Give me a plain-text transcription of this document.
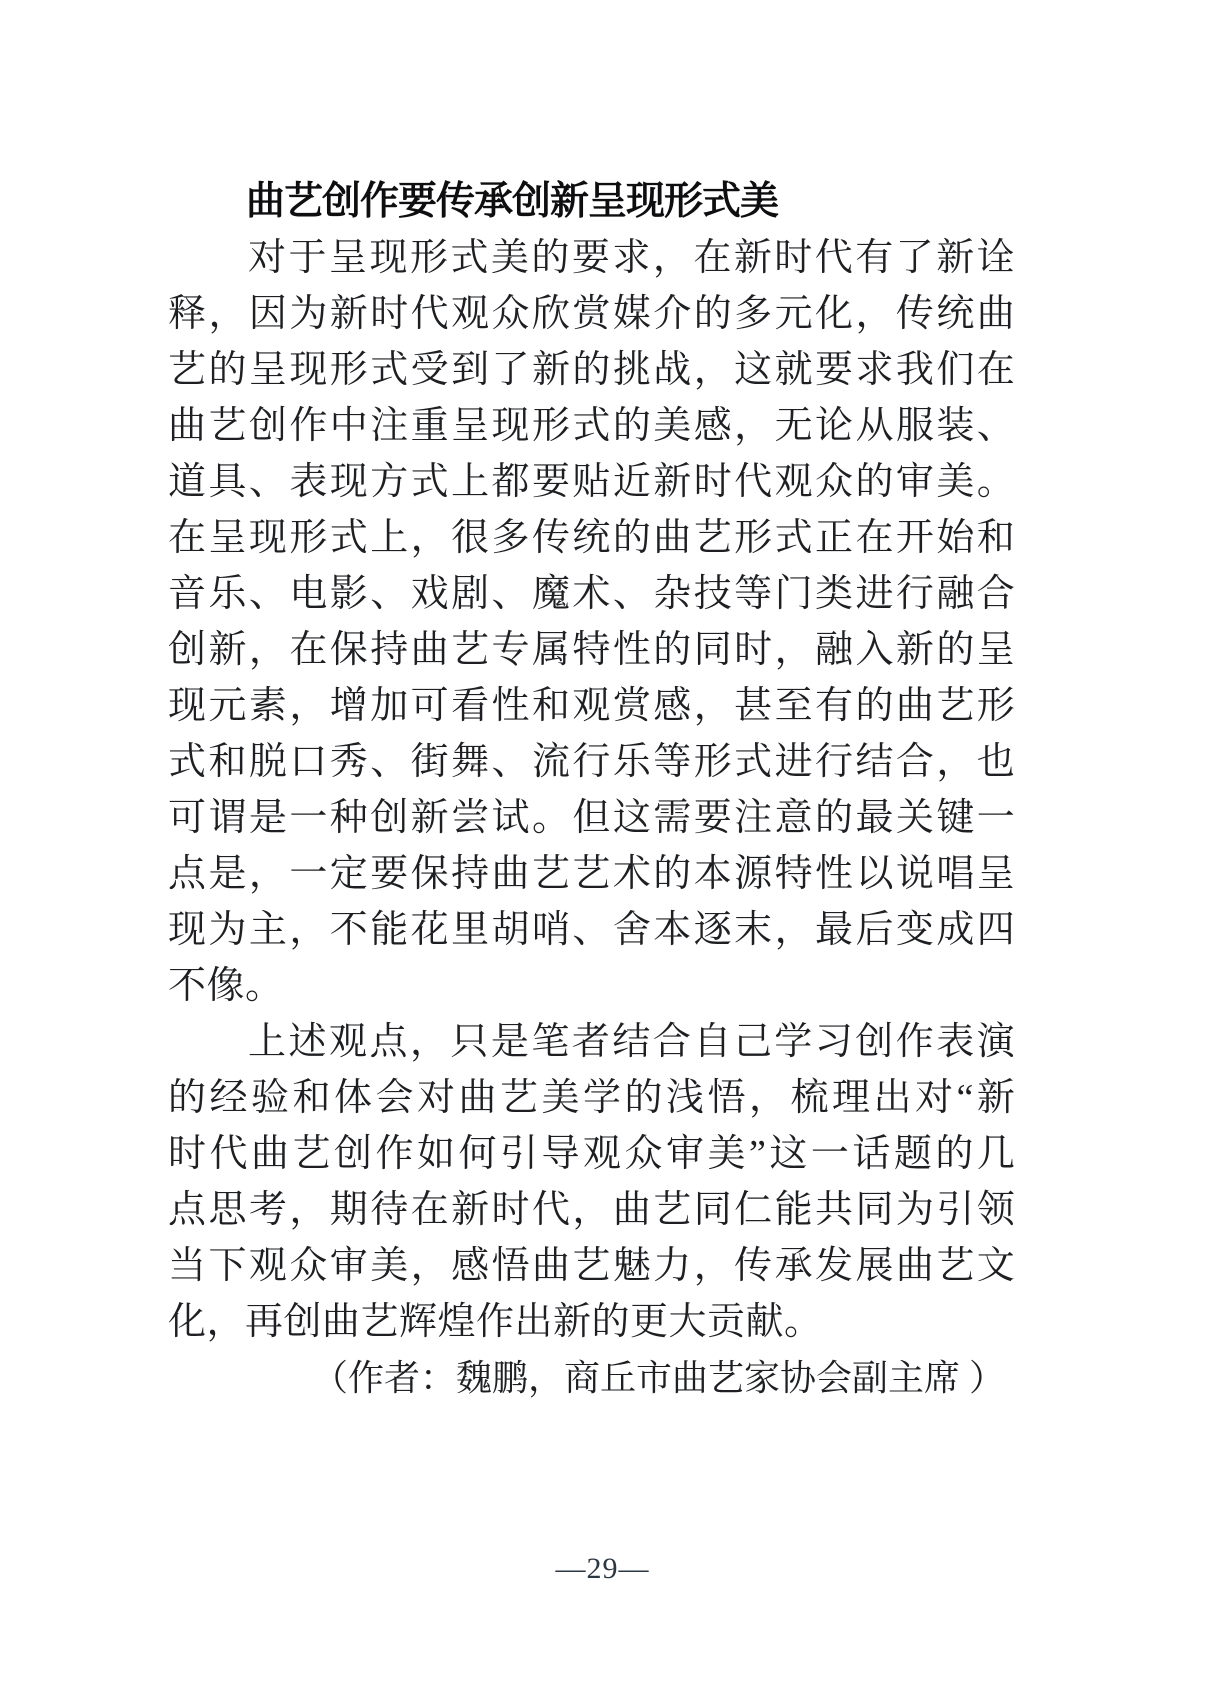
曲艺创作要传承创新呈现形式美
对 于 呈 现 形 式 美 的 要 求 ， 在 新 时 代 有 了 新 诠
释 ， 因 为 新 时 代 观 众 欣 赏 媒 介 的 多 元 化 ， 传 统 曲
艺 的 呈 现 形 式 受 到 了 新 的 挑 战 ， 这 就 要 求 我 们 在
曲 艺 创 作 中 注 重 呈 现 形 式 的 美 感 ， 无 论 从 服 装 、
道 具 、 表 现 方 式 上 都 要 贴 近 新 时 代 观 众 的 审 美 。
在 呈 现 形 式 上 ， 很 多 传 统 的 曲 艺 形 式 正 在 开 始 和
音 乐 、 电 影 、 戏 剧 、 魔 术 、 杂 技 等 门 类 进 行 融 合
创 新 ， 在 保 持 曲 艺 专 属 特 性 的 同 时 ， 融 入 新 的 呈
现 元 素 ， 增 加 可 看 性 和 观 赏 感 ， 甚 至 有 的 曲 艺 形
式 和 脱 口 秀 、 街 舞 、 流 行 乐 等 形 式 进 行 结 合 ， 也
可 谓 是 一 种 创 新 尝 试 。 但 这 需 要 注 意 的 最 关 键 一
点 是 ， 一 定 要 保 持 曲 艺 艺 术 的 本 源 特 性 以 说 唱 呈
现 为 主 ， 不 能 花 里 胡 哨 、 舍 本 逐 末 ， 最 后 变 成 四
不像。
上 述 观 点 ， 只 是 笔 者 结 合 自 己 学 习 创 作 表 演
的 经 验 和 体 会 对 曲 艺 美 学 的 浅 悟 ， 梳 理 出 对 “ 新
时 代 曲 艺 创 作 如 何 引 导 观 众 审 美 ” 这 一 话 题 的 几
点 思 考 ， 期 待 在 新 时 代 ， 曲 艺 同 仁 能 共 同 为 引 领
当 下 观 众 审 美 ， 感 悟 曲 艺 魅 力 ， 传 承 发 展 曲 艺 文
化，再创曲艺辉煌作出新的更大贡献。
（作者：魏鹏，商丘市曲艺家协会副主席 ）
—29—
